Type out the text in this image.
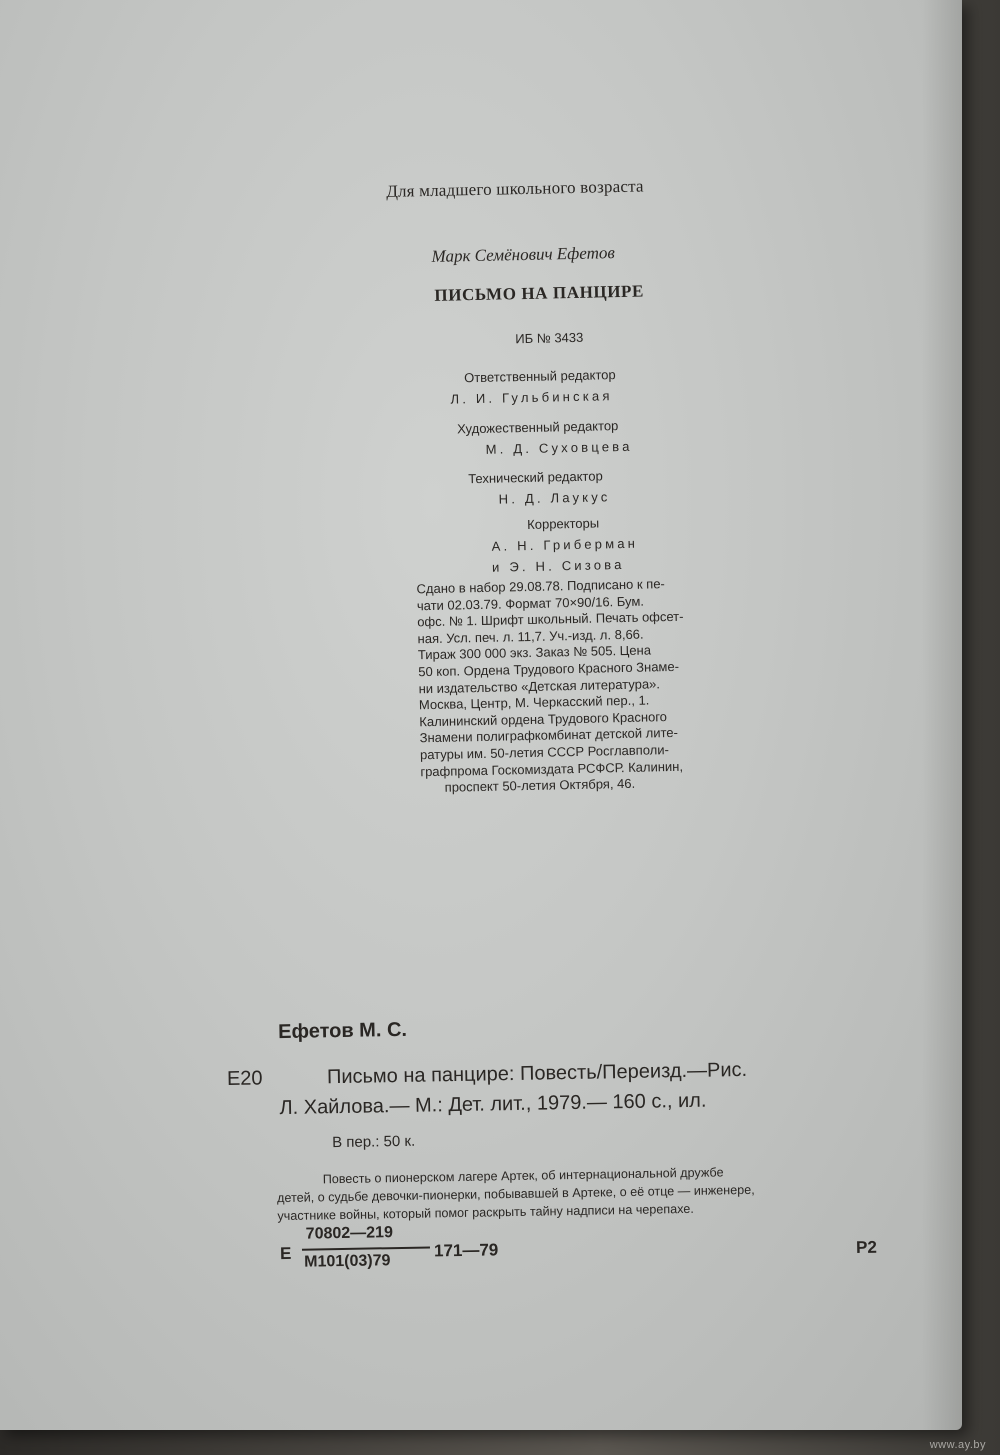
Для младшего школьного возраста
Марк Семёнович Ефетов
ПИСЬМО НА ПАНЦИРЕ
ИБ № 3433
Ответственный редактор
Л. И. Гульбинская
Художественный редактор
М. Д. Суховцева
Технический редактор
Н. Д. Лаукус
Корректоры
А. Н. Гриберман
и Э. Н. Сизова
Сдано в набор 29.08.78. Подписано к пе-
чати 02.03.79. Формат 70×90/16. Бум.
офс. № 1. Шрифт школьный. Печать офсет-
ная. Усл. печ. л. 11,7. Уч.-изд. л. 8,66.
Тираж 300 000 экз. Заказ № 505. Цена
50 коп. Ордена Трудового Красного Знаме-
ни издательство «Детская литература».
Москва, Центр, М. Черкасский пер., 1.
Калининский ордена Трудового Красного
Знамени полиграфкомбинат детской лите-
ратуры им. 50-летия СССР Росглавполи-
графпрома Госкомиздата РСФСР. Калинин,
проспект 50-летия Октября, 46.
Ефетов М. С.
Е20	Письмо на панцире: Повесть/Переизд.—Рис.
Л. Хайлова.— М.: Дет. лит., 1979.— 160 с., ил.
В пер.: 50 к.
Повесть о пионерском лагере Артек, об интернациональной дружбе
детей, о судьбе девочки-пионерки, побывавшей в Артеке, о её отце — инженере,
участнике войны, который помог раскрыть тайну надписи на черепахе.
Е
70802—219
М101(03)79
171—79	Р2
www.ay.by
